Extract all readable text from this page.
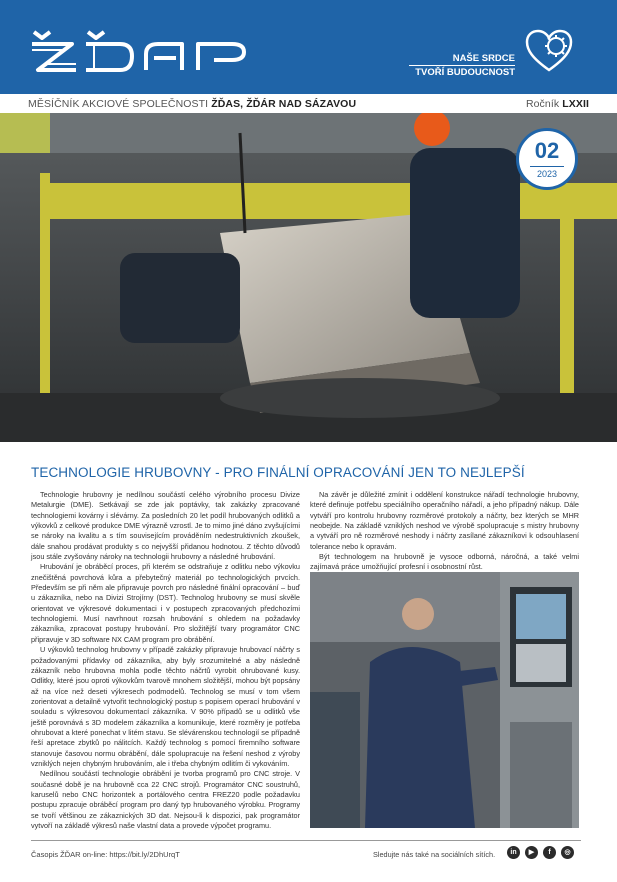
NAŠE SRDCE
TVOŘÍ BUDOUCNOST
MĚSÍČNÍK AKCIOVÉ SPOLEČNOSTI ŽĎAS, ŽĎÁR NAD SÁZAVOU	Ročník LXXII
02
2023
TECHNOLOGIE HRUBOVNY - PRO FINÁLNÍ OPRACOVÁNÍ JEN TO NEJLEPŠÍ

Technologie hrubovny je nedílnou součástí celého výrobního procesu Divize Metalurgie (DME). Setkávají se zde jak poptávky, tak zakázky zpracované technologiemi kovárny i slévárny. Za posledních 20 let podíl hrubovaných odlitků a výkovků z celkové produkce DME výrazně vzrostl. Je to mimo jiné dáno zvyšujícími se nároky na kvalitu a s tím souvisejícím prováděním nedestruktivních zkoušek, dále snahou prodávat produkty s co nejvyšší přidanou hodnotou. Z těchto důvodů jsou stále zvyšovány nároky na technologii hrubovny a následné hrubování.

Hrubování je obráběcí proces, při kterém se odstraňuje z odlitku nebo výkovku znečištěná povrchová kůra a přebytečný materiál po technologických prvcích. Především se při něm ale připravuje povrch pro následné finální opracování – buď u zákazníka, nebo na Divizi Strojírny (DST). Technolog hrubovny se musí skvěle orientovat ve výkresové dokumentaci i v postupech zpracovaných předchozími technologiemi. Musí navrhnout rozsah hrubování s ohledem na požadavky zákazníka, zpracovat postupy hrubování. Pro složitější tvary programátor CNC připravuje v 3D software NX CAM program pro obrábění.

U výkovků technolog hrubovny v případě zakázky připravuje hrubovací náčrty s požadovanými přídavky od zákazníka, aby byly srozumitelné a aby následně zákazník nebo hrubovna mohla podle těchto náčrtů vyrobit ohrubované kusy. Odlitky, které jsou oproti výkovkům tvarově mnohem složitější, mohou být popsány až na více než deseti výkresech podmodelů. Technolog se musí v tom všem zorientovat a detailně vytvořit technologický postup s popisem operací hrubování v souladu s výkresovou dokumentací zákazníka. V 90% případů se u odlitků vše ještě porovnává s 3D modelem zákazníka a komunikuje, které rozměry je potřeba ohrubovat a které ponechat v litém stavu. Se slévárenskou technologií se případně řeší apretace zbytků po nálitcích. Každý technolog s pomocí firemního software stanovuje časovou normu obrábění, dále spolupracuje na řešení neshod z výroby vzniklých nejen chybným hrubováním, ale i třeba chybným odlitím či vykováním.

Nedílnou součástí technologie obrábění je tvorba programů pro CNC stroje. V současné době je na hrubovně cca 22 CNC strojů. Programátor CNC soustruhů, karuselů nebo CNC horizontek a portálového centra FREZ20 podle požadavku postupu zpracuje obráběcí program pro daný typ hrubovaného výrobku. Programy se tvoří většinou ze zákaznických 3D dat. Nejsou-li k dispozici, pak programátor vytvoří na základě výkresů naše vlastní data a provede výpočet programu.

Na závěr je důležité zmínit i oddělení konstrukce nářadí technologie hrubovny, které definuje potřebu speciálního operačního nářadí, a jeho případný nákup. Dále vytváří pro kontrolu hrubovny rozměrové protokoly a náčrty, bez kterých se MHR neobejde. Na základě vzniklých neshod ve výrobě spolupracuje s mistry hrubovny a vytváří pro ně rozměrové neshody i náčrty zasílané zákazníkovi k odsouhlasení tolerance nebo k opravám.

Být technologem na hrubovně je vysoce odborná, náročná, a také velmi zajímavá práce umožňující profesní i osobnostní růst.

Časopis ŽĎAR on-line: https://bit.ly/2DhUrqT	Sledujte nás také na sociálních sítích.	in	▶	f	◎
